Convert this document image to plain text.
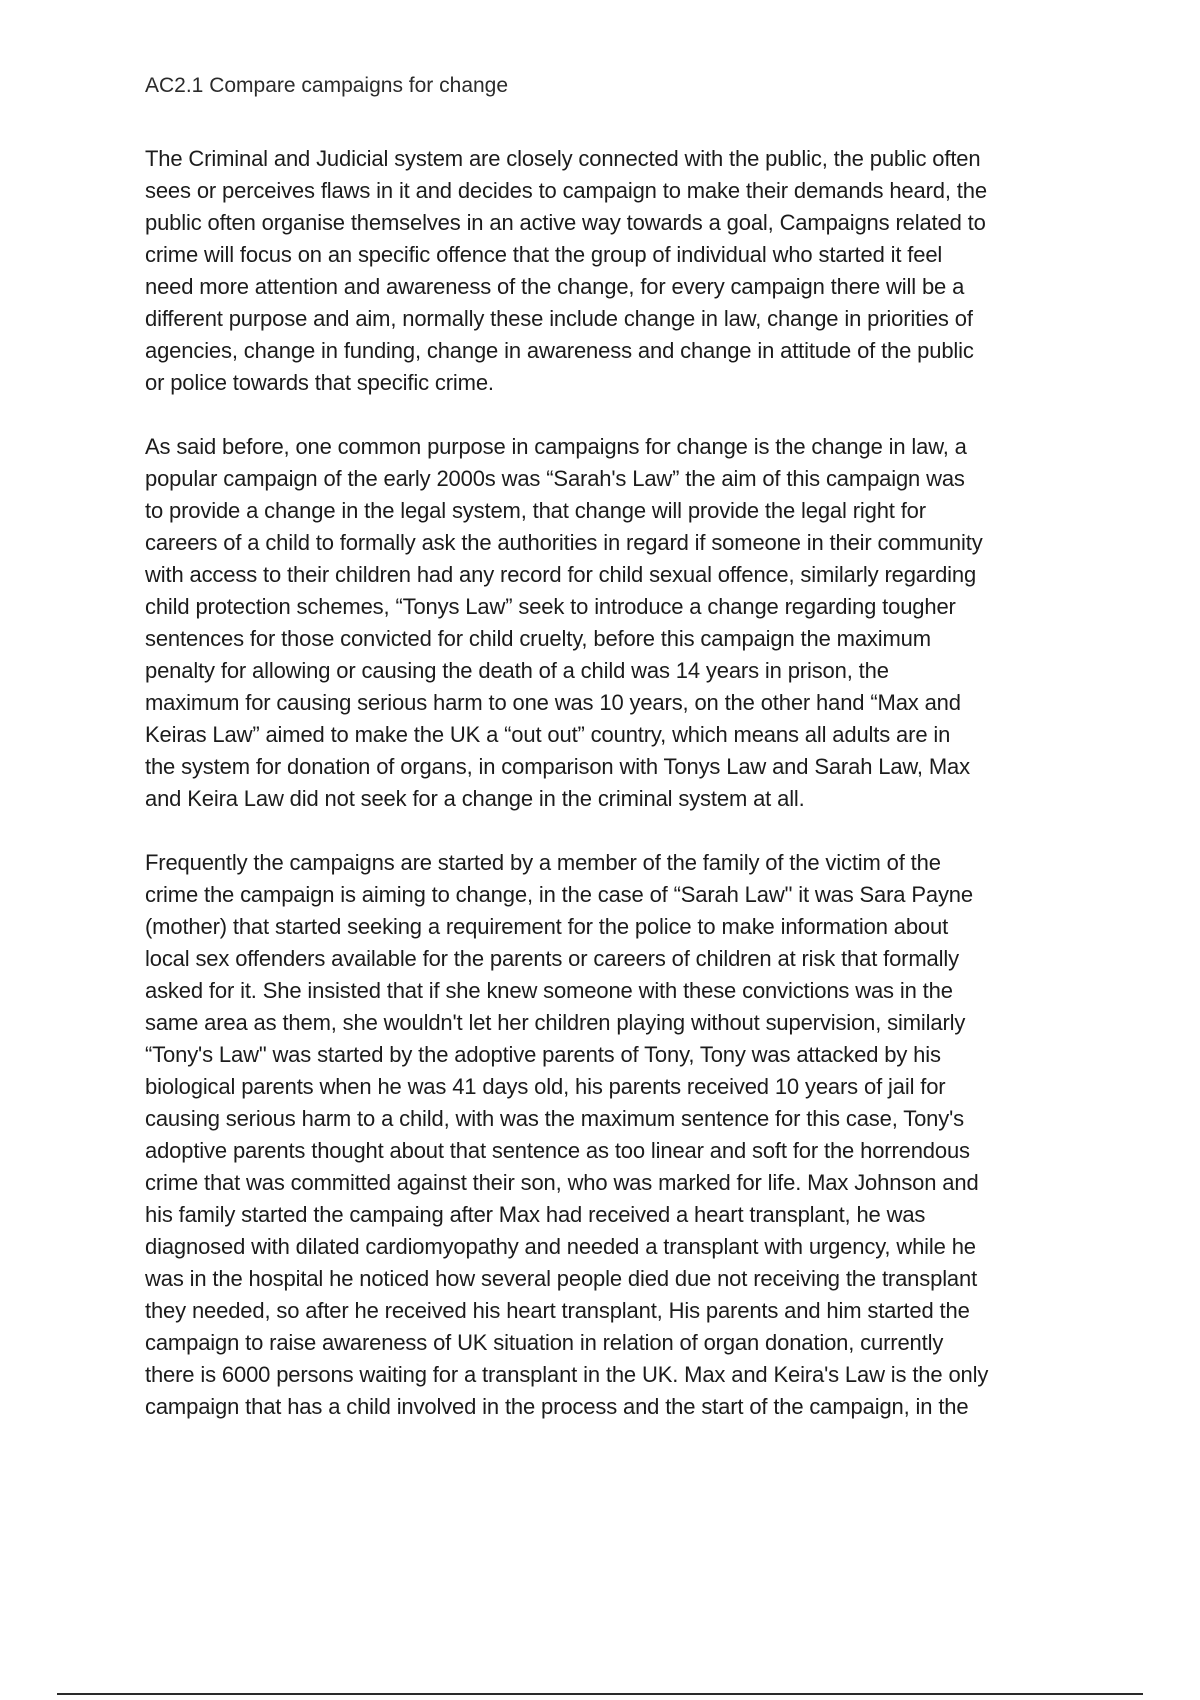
AC2.1 Compare campaigns for change

The Criminal and Judicial system are closely connected with the public, the public often
sees or perceives flaws in it and decides to campaign to make their demands heard, the
public often organise themselves in an active way towards a goal, Campaigns related to
crime will focus on an specific offence that the group of individual who started it feel
need more attention and awareness of the change, for every campaign there will be a
different purpose and aim, normally these include change in law, change in priorities of
agencies, change in funding, change in awareness and change in attitude of the public
or police towards that specific crime.

As said before, one common purpose in campaigns for change is the change in law, a
popular campaign of the early 2000s was “Sarah's Law” the aim of this campaign was
to provide a change in the legal system, that change will provide the legal right for
careers of a child to formally ask the authorities in regard if someone in their community
with access to their children had any record for child sexual offence, similarly regarding
child protection schemes, “Tonys Law” seek to introduce a change regarding tougher
sentences for those convicted for child cruelty, before this campaign the maximum
penalty for allowing or causing the death of a child was 14 years in prison, the
maximum for causing serious harm to one was 10 years, on the other hand “Max and
Keiras Law” aimed to make the UK a “out out” country, which means all adults are in
the system for donation of organs, in comparison with Tonys Law and Sarah Law, Max
and Keira Law did not seek for a change in the criminal system at all.

Frequently the campaigns are started by a member of the family of the victim of the
crime the campaign is aiming to change, in the case of “Sarah Law" it was Sara Payne
(mother) that started seeking a requirement for the police to make information about
local sex offenders available for the parents or careers of children at risk that formally
asked for it. She insisted that if she knew someone with these convictions was in the
same area as them, she wouldn't let her children playing without supervision, similarly
“Tony's Law" was started by the adoptive parents of Tony, Tony was attacked by his
biological parents when he was 41 days old, his parents received 10 years of jail for
causing serious harm to a child, with was the maximum sentence for this case, Tony's
adoptive parents thought about that sentence as too linear and soft for the horrendous
crime that was committed against their son, who was marked for life. Max Johnson and
his family started the campaing after Max had received a heart transplant, he was
diagnosed with dilated cardiomyopathy and needed a transplant with urgency, while he
was in the hospital he noticed how several people died due not receiving the transplant
they needed, so after he received his heart transplant, His parents and him started the
campaign to raise awareness of UK situation in relation of organ donation, currently
there is 6000 persons waiting for a transplant in the UK. Max and Keira's Law is the only
campaign that has a child involved in the process and the start of the campaign, in the
